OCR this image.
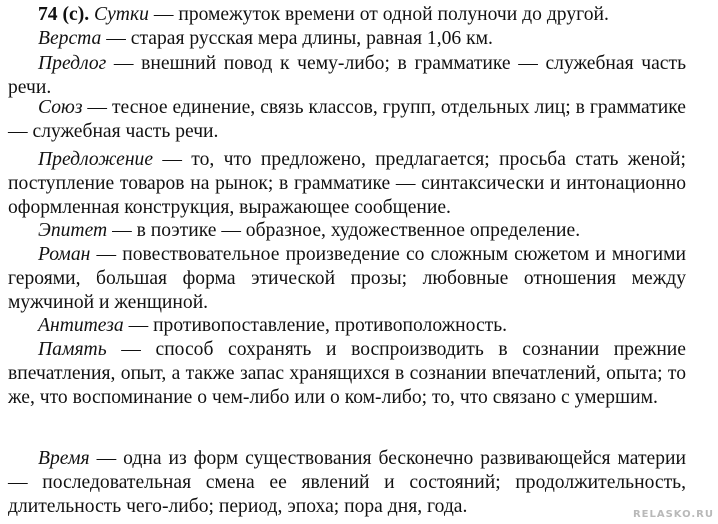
74 (с). Сутки — промежуток времени от одной полуночи до другой.
Верста — старая русская мера длины, равная 1,06 км.
Предлог — внешний повод к чему-либо; в грамматике — служебная часть речи.
Союз — тесное единение, связь классов, групп, отдельных лиц; в грамматике — служебная часть речи.
Предложение — то, что предложено, предлагается; просьба стать женой; поступление товаров на рынок; в грамматике — синтаксически и интонационно оформленная конструкция, выражающее сообщение.
Эпитет — в поэтике — образное, художественное определение.
Роман — повествовательное произведение со сложным сюжетом и многими героями, большая форма этической прозы; любовные отношения между мужчиной и женщиной.
Антитеза — противопоставление, противоположность.
Память — способ сохранять и воспроизводить в сознании прежние впечатления, опыт, а также запас хранящихся в сознании впечатлений, опыта; то же, что воспоминание о чем-либо или о ком-либо; то, что связано с умершим.
Время — одна из форм существования бесконечно развивающейся материи — последовательная смена ее явлений и состояний; продолжительность, длительность чего-либо; период, эпоха; пора дня, года.	RELASKO.RU
